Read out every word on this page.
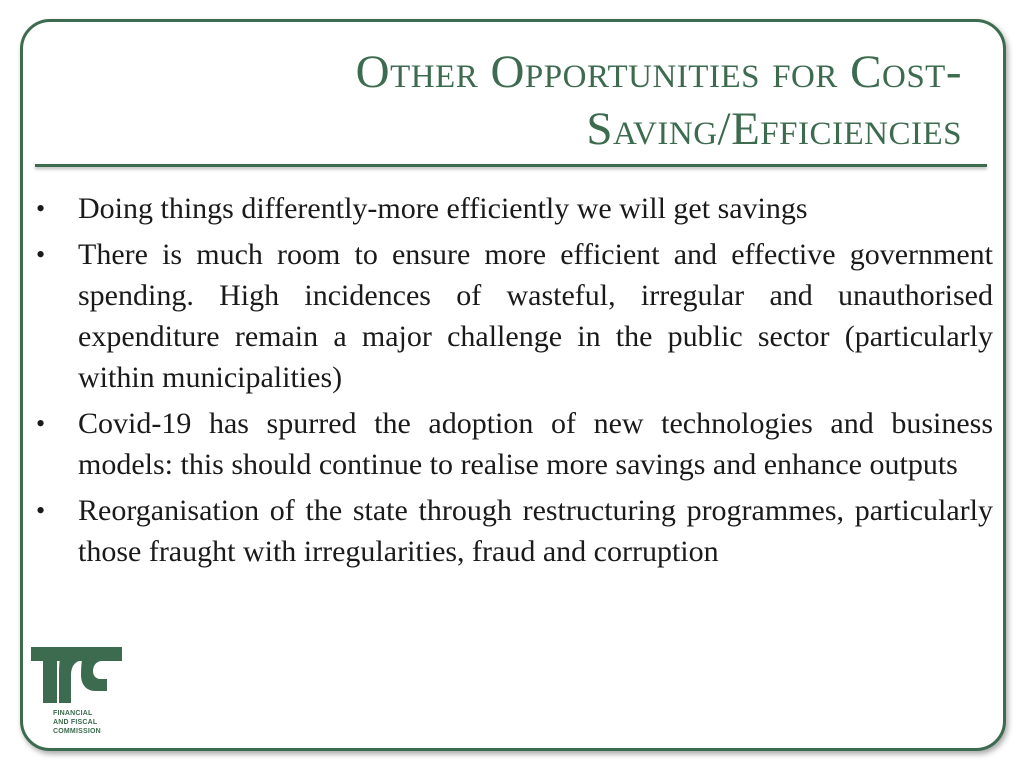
Other Opportunities for Cost-
Saving/Efficiencies
• Doing things differently-more efficiently we will get savings
• There is much room to ensure more efficient and effective government spending. High incidences of wasteful, irregular and unauthorised expenditure remain a major challenge in the public sector (particularly within municipalities)
• Covid-19 has spurred the adoption of new technologies and business models: this should continue to realise more savings and enhance outputs
• Reorganisation of the state through restructuring programmes, particularly those fraught with irregularities, fraud and corruption
FINANCIAL
AND FISCAL
COMMISSION
